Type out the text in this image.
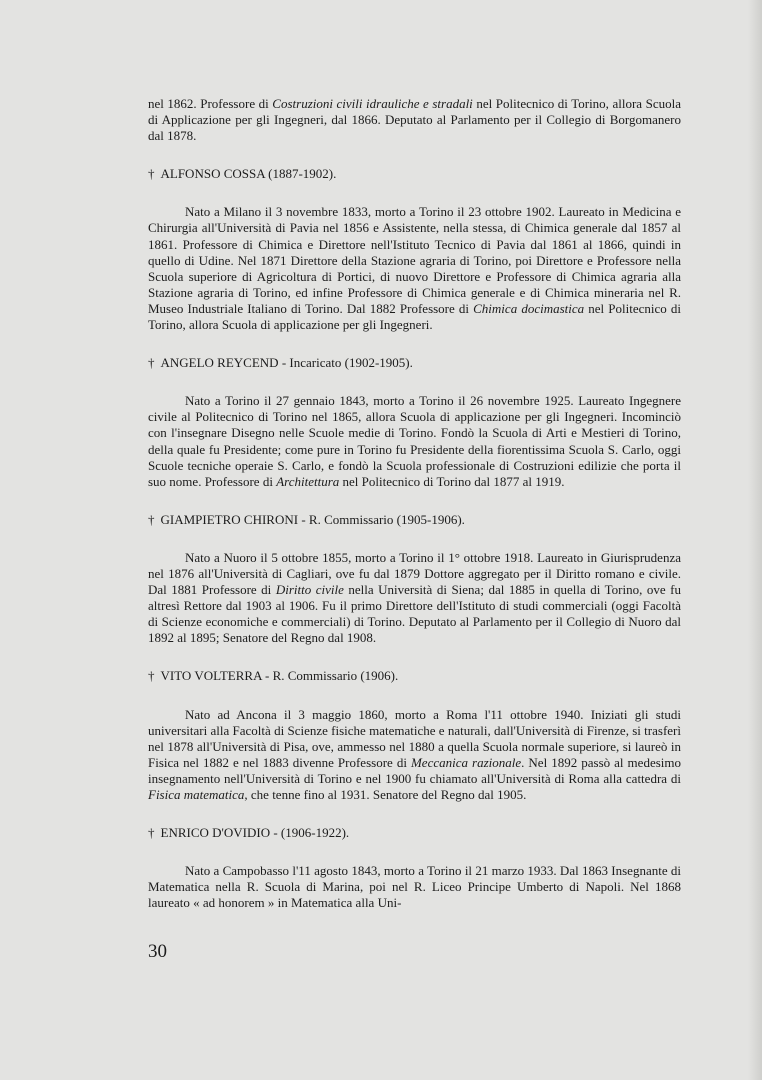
nel 1862. Professore di Costruzioni civili idrauliche e stradali nel Politecnico di Torino, allora Scuola di Applicazione per gli Ingegneri, dal 1866. Deputato al Parlamento per il Collegio di Borgomanero dal 1878.

† ALFONSO COSSA (1887-1902).

Nato a Milano il 3 novembre 1833, morto a Torino il 23 ottobre 1902. Laureato in Medicina e Chirurgia all'Università di Pavia nel 1856 e Assistente, nella stessa, di Chimica generale dal 1857 al 1861. Professore di Chimica e Direttore nell'Istituto Tecnico di Pavia dal 1861 al 1866, quindi in quello di Udine. Nel 1871 Direttore della Stazione agraria di Torino, poi Direttore e Professore nella Scuola superiore di Agricoltura di Portici, di nuovo Direttore e Professore di Chimica agraria alla Stazione agraria di Torino, ed infine Professore di Chimica generale e di Chimica mineraria nel R. Museo Industriale Italiano di Torino. Dal 1882 Professore di Chimica docimastica nel Politecnico di Torino, allora Scuola di applicazione per gli Ingegneri.

† ANGELO REYCEND - Incaricato (1902-1905).

Nato a Torino il 27 gennaio 1843, morto a Torino il 26 novembre 1925. Laureato Ingegnere civile al Politecnico di Torino nel 1865, allora Scuola di applicazione per gli Ingegneri. Incominciò con l'insegnare Disegno nelle Scuole medie di Torino. Fondò la Scuola di Arti e Mestieri di Torino, della quale fu Presidente; come pure in Torino fu Presidente della fiorentissima Scuola S. Carlo, oggi Scuole tecniche operaie S. Carlo, e fondò la Scuola professionale di Costruzioni edilizie che porta il suo nome. Professore di Architettura nel Politecnico di Torino dal 1877 al 1919.

† GIAMPIETRO CHIRONI - R. Commissario (1905-1906).

Nato a Nuoro il 5 ottobre 1855, morto a Torino il 1° ottobre 1918. Laureato in Giurisprudenza nel 1876 all'Università di Cagliari, ove fu dal 1879 Dottore aggregato per il Diritto romano e civile. Dal 1881 Professore di Diritto civile nella Università di Siena; dal 1885 in quella di Torino, ove fu altresì Rettore dal 1903 al 1906. Fu il primo Direttore dell'Istituto di studi commerciali (oggi Facoltà di Scienze economiche e commerciali) di Torino. Deputato al Parlamento per il Collegio di Nuoro dal 1892 al 1895; Senatore del Regno dal 1908.

† VITO VOLTERRA - R. Commissario (1906).

Nato ad Ancona il 3 maggio 1860, morto a Roma l'11 ottobre 1940. Iniziati gli studi universitari alla Facoltà di Scienze fisiche matematiche e naturali, dall'Università di Firenze, si trasferì nel 1878 all'Università di Pisa, ove, ammesso nel 1880 a quella Scuola normale superiore, si laureò in Fisica nel 1882 e nel 1883 divenne Professore di Meccanica razionale. Nel 1892 passò al medesimo insegnamento nell'Università di Torino e nel 1900 fu chiamato all'Università di Roma alla cattedra di Fisica matematica, che tenne fino al 1931. Senatore del Regno dal 1905.

† ENRICO D'OVIDIO - (1906-1922).

Nato a Campobasso l'11 agosto 1843, morto a Torino il 21 marzo 1933. Dal 1863 Insegnante di Matematica nella R. Scuola di Marina, poi nel R. Liceo Principe Umberto di Napoli. Nel 1868 laureato « ad honorem » in Matematica alla Uni-

30
